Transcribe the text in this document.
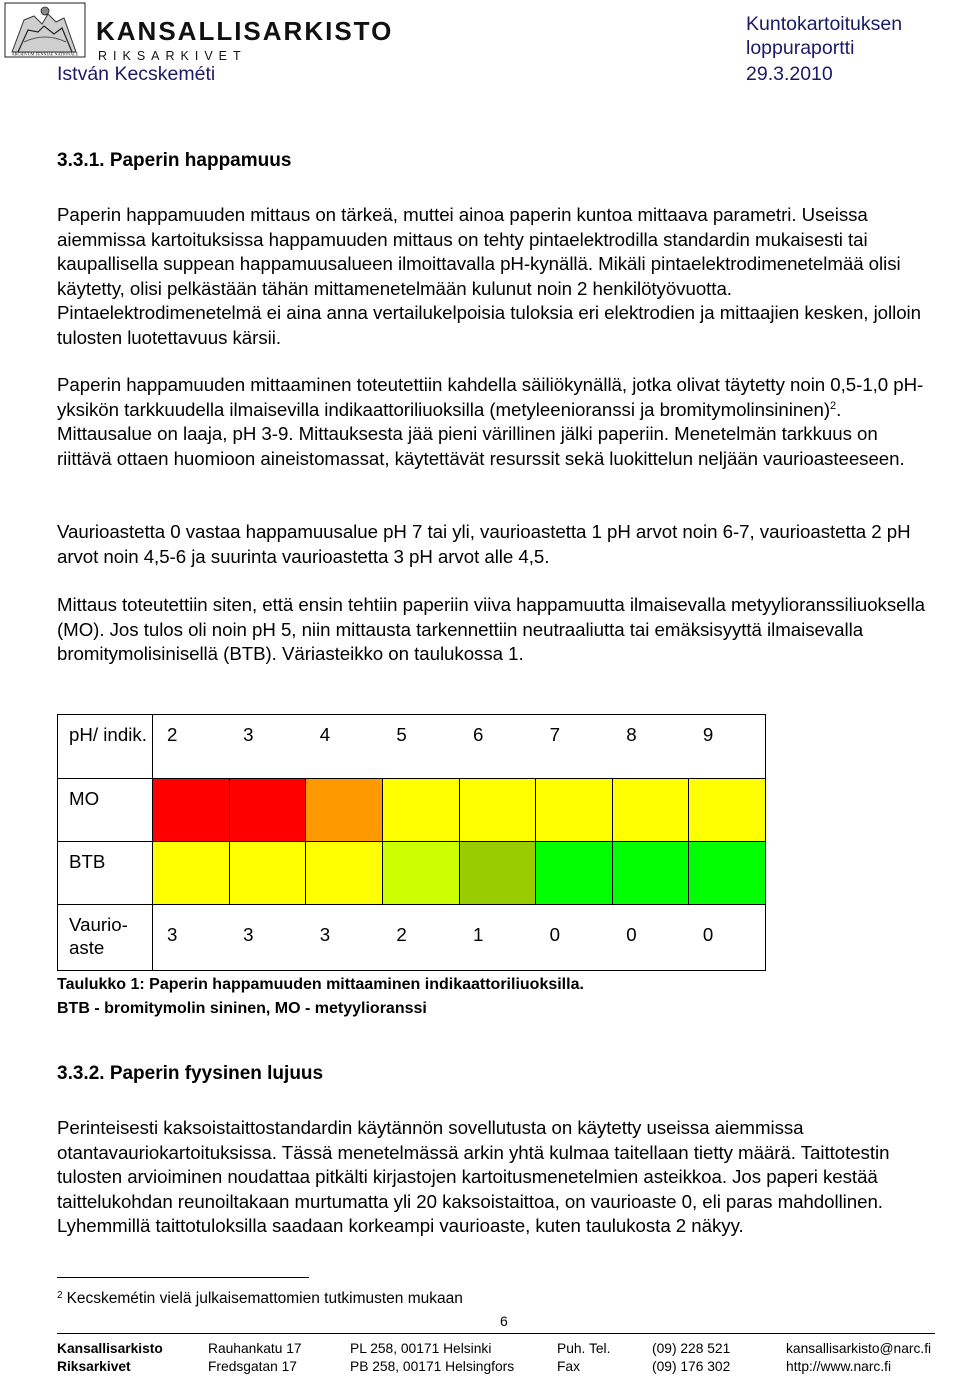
ARCHIVUM FENNIAE NATIONALE
KANSALLISARKISTO
RIKSARKIVET
István Kecskeméti
Kuntokartoituksen loppuraportti
29.3.2010
3.3.1. Paperin happamuus
Paperin happamuuden mittaus on tärkeä, muttei ainoa paperin kuntoa mittaava parametri. Useissa aiemmissa kartoituksissa happamuuden mittaus on tehty pintaelektrodilla standardin mukaisesti tai kaupallisella suppean happamuusalueen ilmoittavalla pH-kynällä. Mikäli pintaelektrodimenetelmää olisi käytetty, olisi pelkästään tähän mittamenetelmään kulunut noin 2 henkilötyövuotta. Pintaelektrodimenetelmä ei aina anna vertailukelpoisia tuloksia eri elektrodien ja mittaajien kesken, jolloin tulosten luotettavuus kärsii.
Paperin happamuuden mittaaminen toteutettiin kahdella säiliökynällä, jotka olivat täytetty noin 0,5-1,0 pH-yksikön tarkkuudella ilmaisevilla indikaattoriliuoksilla (metyleenioranssi ja bromitymolinsininen)$^2$. Mittausalue on laaja, pH 3-9. Mittauksesta jää pieni värillinen jälki paperiin. Menetelmän tarkkuus on riittävä ottaen huomioon aineistomassat, käytettävät resurssit sekä luokittelun neljään vaurioasteeseen.
Vaurioastetta 0 vastaa happamuusalue pH 7 tai yli, vaurioastetta 1 pH arvot noin 6-7, vaurioastetta 2 pH arvot noin 4,5-6 ja suurinta vaurioastetta 3 pH arvot alle 4,5.
Mittaus toteutettiin siten, että ensin tehtiin paperiin viiva happamuutta ilmaisevalla metyylioranssiliuoksella (MO). Jos tulos oli noin pH 5, niin mittausta tarkennettiin neutraaliutta tai emäksisyyttä ilmaisevalla bromitymolisinisellä (BTB). Väriasteikko on taulukossa 1.
pH/ indik.	2	3	4	5	6	7	8	9
MO								
BTB								
Vaurio-
aste	3	3	3	2	1	0	0	0
Taulukko 1: Paperin happamuuden mittaaminen indikaattoriliuoksilla.
BTB - bromitymolin sininen, MO - metyylioranssi
3.3.2. Paperin fyysinen lujuus
Perinteisesti kaksoistaittostandardin käytännön sovellutusta on käytetty useissa aiemmissa otantavauriokartoituksissa. Tässä menetelmässä arkin yhtä kulmaa taitellaan tietty määrä. Taittotestin tulosten arvioiminen noudattaa pitkälti kirjastojen kartoitusmenetelmien asteikkoa. Jos paperi kestää taittelukohdan reunoiltakaan murtumatta yli 20 kaksoistaittoa, on vaurioaste 0, eli paras mahdollinen. Lyhemmillä taittotuloksilla saadaan korkeampi vaurioaste, kuten taulukosta 2 näkyy.
$^2$ Kecskemétin vielä julkaisemattomien tutkimusten mukaan
6
Kansallisarkisto	Rauhankatu 17	PL 258, 00171 Helsinki	Puh. Tel.	(09) 228 521	kansallisarkisto@narc.fi
Riksarkivet	Fredsgatan 17	PB 258, 00171 Helsingfors	Fax	(09) 176 302	http://www.narc.fi
